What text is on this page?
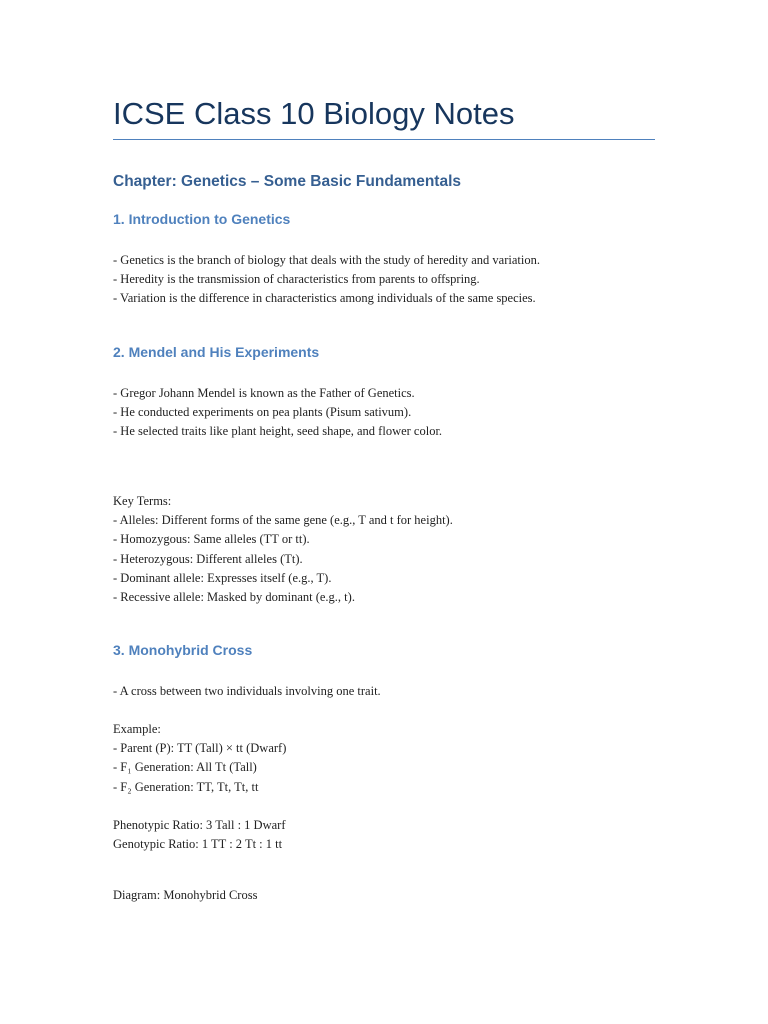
ICSE Class 10 Biology Notes
Chapter: Genetics – Some Basic Fundamentals
1. Introduction to Genetics
- Genetics is the branch of biology that deals with the study of heredity and variation.
- Heredity is the transmission of characteristics from parents to offspring.
- Variation is the difference in characteristics among individuals of the same species.
2. Mendel and His Experiments
- Gregor Johann Mendel is known as the Father of Genetics.
- He conducted experiments on pea plants (Pisum sativum).
- He selected traits like plant height, seed shape, and flower color.
Key Terms:
- Alleles: Different forms of the same gene (e.g., T and t for height).
- Homozygous: Same alleles (TT or tt).
- Heterozygous: Different alleles (Tt).
- Dominant allele: Expresses itself (e.g., T).
- Recessive allele: Masked by dominant (e.g., t).
3. Monohybrid Cross
- A cross between two individuals involving one trait.
Example:
- Parent (P): TT (Tall) × tt (Dwarf)
- F₁ Generation: All Tt (Tall)
- F₂ Generation: TT, Tt, Tt, tt
Phenotypic Ratio: 3 Tall : 1 Dwarf
Genotypic Ratio: 1 TT : 2 Tt : 1 tt
Diagram: Monohybrid Cross
